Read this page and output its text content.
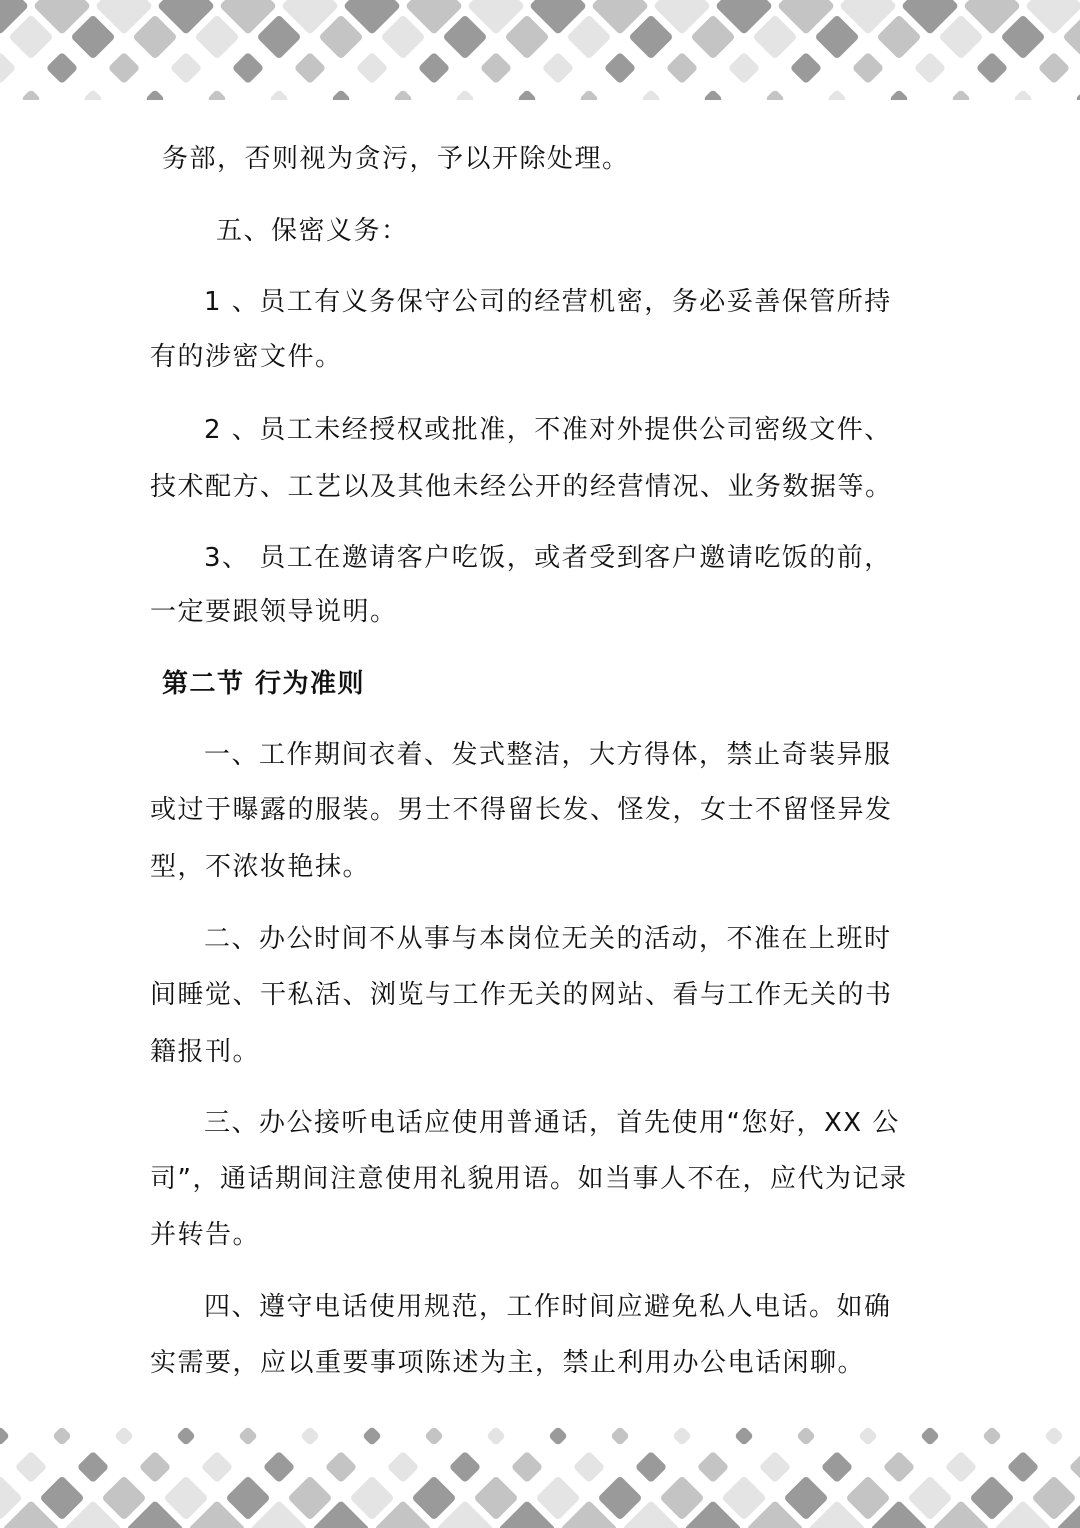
务部，否则视为贪污，予以开除处理。

五、保密义务：

1 、员工有义务保守公司的经营机密，务必妥善保管所持

有的涉密文件。

2 、员工未经授权或批准，不准对外提供公司密级文件、

技术配方、工艺以及其他未经公开的经营情况、业务数据等。

3、 员工在邀请客户吃饭，或者受到客户邀请吃饭的前，

一定要跟领导说明。

第二节 行为准则

一、工作期间衣着、发式整洁，大方得体，禁止奇装异服

或过于曝露的服装。男士不得留长发、怪发，女士不留怪异发

型，不浓妆艳抹。

二、办公时间不从事与本岗位无关的活动，不准在上班时

间睡觉、干私活、浏览与工作无关的网站、看与工作无关的书

籍报刊。

三、办公接听电话应使用普通话，首先使用“您好，XX 公

司”，通话期间注意使用礼貌用语。如当事人不在，应代为记录

并转告。

四、遵守电话使用规范，工作时间应避免私人电话。如确

实需要，应以重要事项陈述为主，禁止利用办公电话闲聊。
